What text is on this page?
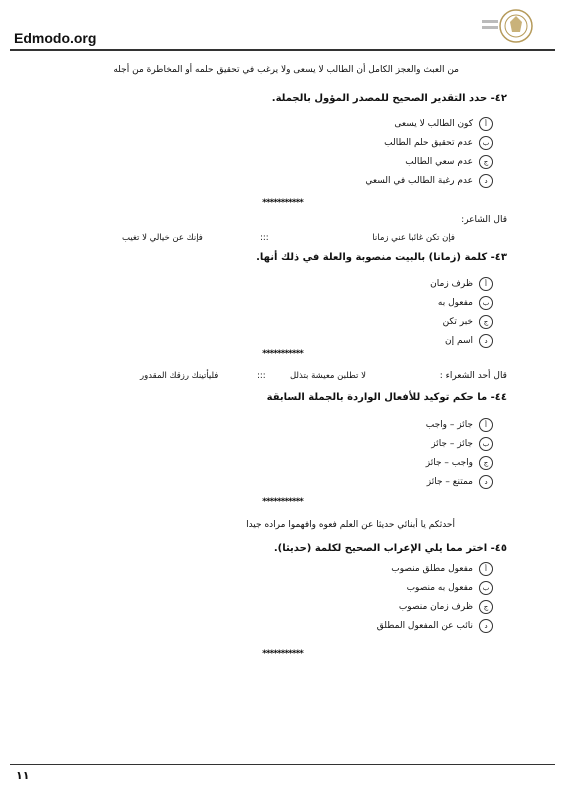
Edmodo.org
من العبث والعجز الكامل أن الطالب لا يسعى ولا يرغب في تحقيق حلمه أو المخاطرة من أجله
٤٢- حدد التقدير الصحيح للمصدر المؤول بالجملة.
أ
كون الطالب لا يسعى
ب
عدم تحقيق حلم الطالب
ج
عدم سعي الطالب
د
عدم رغبة الطالب في السعي
***********
قال الشاعر:
فإن تكن غائبا عني زمانا
:::
فإنك عن خيالي لا تغيب
٤٣- كلمة (زمانا) بالبيت منصوبة والعلة في ذلك أنها.
أ
ظرف زمان
ب
مفعول به
ج
خبر تكن
د
اسم إن
***********
قال أحد الشعراء :
لا تطلبن معيشة بتذلل
:::
فليأتينك رزقك المقدور
٤٤- ما حكم توكيد للأفعال الواردة بالجملة السابقة
أ
جائز – واجب
ب
جائز – جائز
ج
واجب – جائز
د
ممتنع – جائز
***********
أحدثكم يا أبنائي حديثا عن العلم فعوه وافهموا مراده جيدا
٤٥- اختر مما يلي الإعراب الصحيح لكلمة (حديثا).
أ
مفعول مطلق منصوب
ب
مفعول به منصوب
ج
ظرف زمان منصوب
د
نائب عن المفعول المطلق
***********
١١
